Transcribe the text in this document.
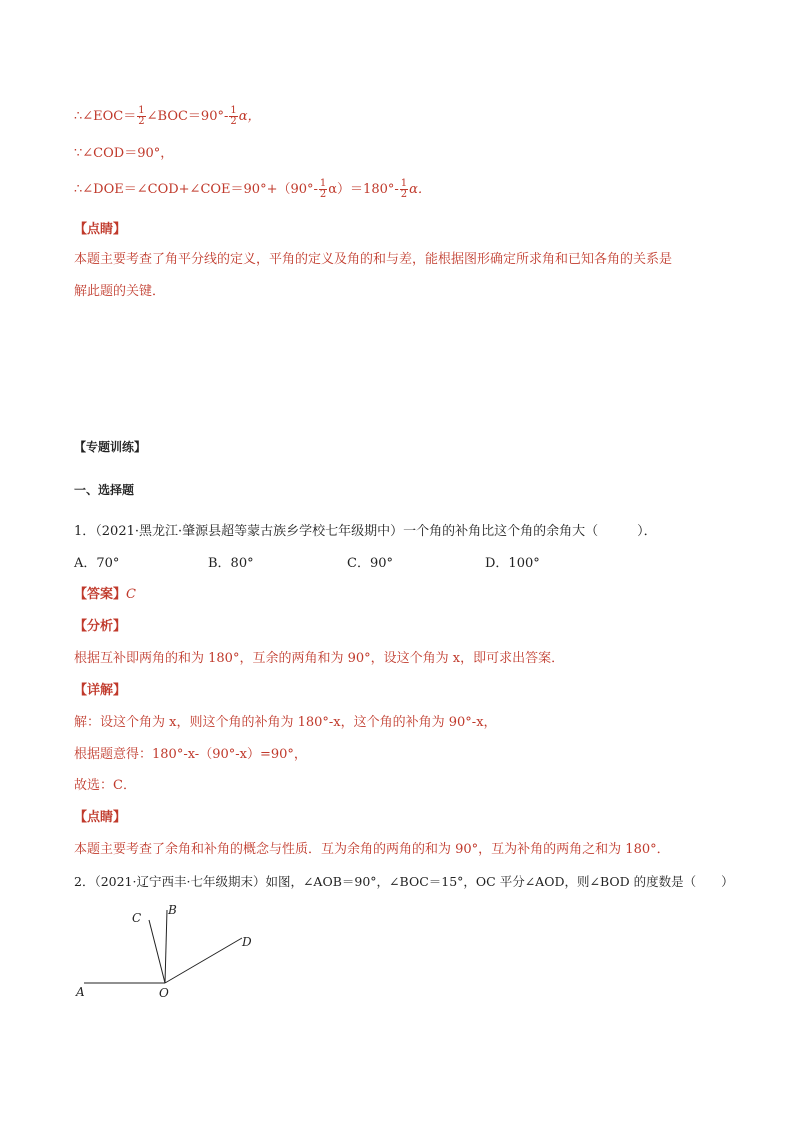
∴∠EOC＝ $\frac{1}{2}$ ∠BOC＝90°- $\frac{1}{2}$ α，
∵∠COD＝90°，
∴∠DOE＝∠COD+∠COE＝90°+（90°- $\frac{1}{2} \alpha)=180^\circ- \frac{1}{2}$ α．
【点睛】
本题主要考查了角平分线的定义，平角的定义及角的和与差，能根据图形确定所求角和已知各角的关系是
解此题的关键．
【专题训练】
一、选择题
1．（2021·黑龙江·肇源县超等蒙古族乡学校七年级期中）一个角的补角比这个角的余角大（　　　）．
A．70°	B．80°	C．90°	D．100°
【答案】C
【分析】
根据互补即两角的和为 180°，互余的两角和为 90°，设这个角为 x，即可求出答案．
【详解】
解：设这个角为 x，则这个角的补角为 180°-x，这个角的补角为 90°-x，
根据题意得：180°-x-（90°-x）=90°，
故选：C．
【点睛】
本题主要考查了余角和补角的概念与性质．互为余角的两角的和为 90°，互为补角的两角之和为 180°．
2．（2021·辽宁西丰·七年级期末）如图，∠AOB＝90°，∠BOC＝15°，OC 平分∠AOD，则∠BOD 的度数是（　　）
A	O
B
C
D
